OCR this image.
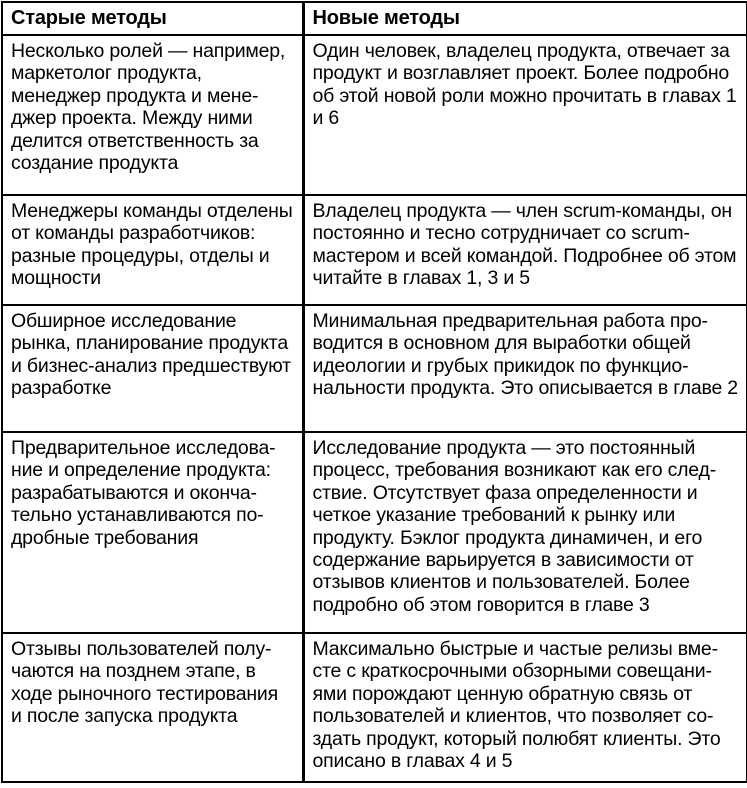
Старые методы	Новые методы
Несколько ролей — например, маркетолог продукта, менеджер продукта и менеджер проекта. Между ними делится ответственность за создание продукта	Один человек, владелец продукта, отвечает за продукт и возглавляет проект. Более подробно об этой новой роли можно прочитать в главах 1 и 6
Менеджеры команды отделены от команды разработчиков: разные процедуры, отделы и мощности	Владелец продукта — член scrum-команды, он постоянно и тесно сотрудничает со scrum-мастером и всей командой. Подробнее об этом читайте в главах 1, 3 и 5
Обширное исследование рынка, планирование продукта и бизнес-анализ предшествуют разработке	Минимальная предварительная работа проводится в основном для выработки общей идеологии и грубых прикидок по функциональности продукта. Это описывается в главе 2
Предварительное исследование и определение продукта: разрабатываются и окончательно устанавливаются подробные требования	Исследование продукта — это постоянный процесс, требования возникают как его следствие. Отсутствует фаза определенности и четкое указание требований к рынку или продукту. Бэклог продукта динамичен, и его содержание варьируется в зависимости от отзывов клиентов и пользователей. Более подробно об этом говорится в главе 3
Отзывы пользователей получаются на позднем этапе, в ходе рыночного тестирования и после запуска продукта	Максимально быстрые и частые релизы вместе с краткосрочными обзорными совещаниями порождают ценную обратную связь от пользователей и клиентов, что позволяет создать продукт, который полюбят клиенты. Это описано в главах 4 и 5
